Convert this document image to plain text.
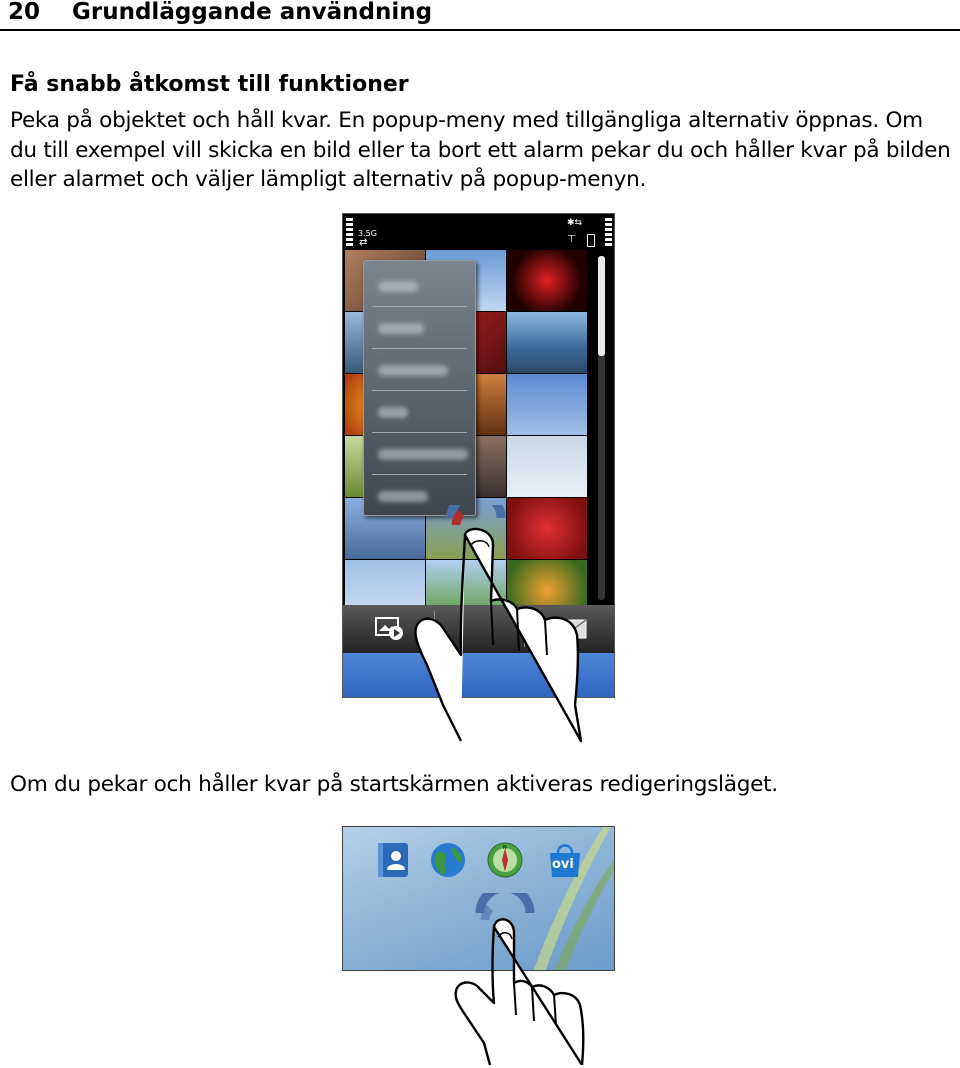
20 Grundläggande användning
Få snabb åtkomst till funktioner
Peka på objektet och håll kvar. En popup-meny med tillgängliga alternativ öppnas. Om
du till exempel vill skicka en bild eller ta bort ett alarm pekar du och håller kvar på bilden
eller alarmet och väljer lämpligt alternativ på popup-menyn.
3.5G
⇄
✱⇆
⊤
Om du pekar och håller kvar på startskärmen aktiveras redigeringsläget.
N
ovi
